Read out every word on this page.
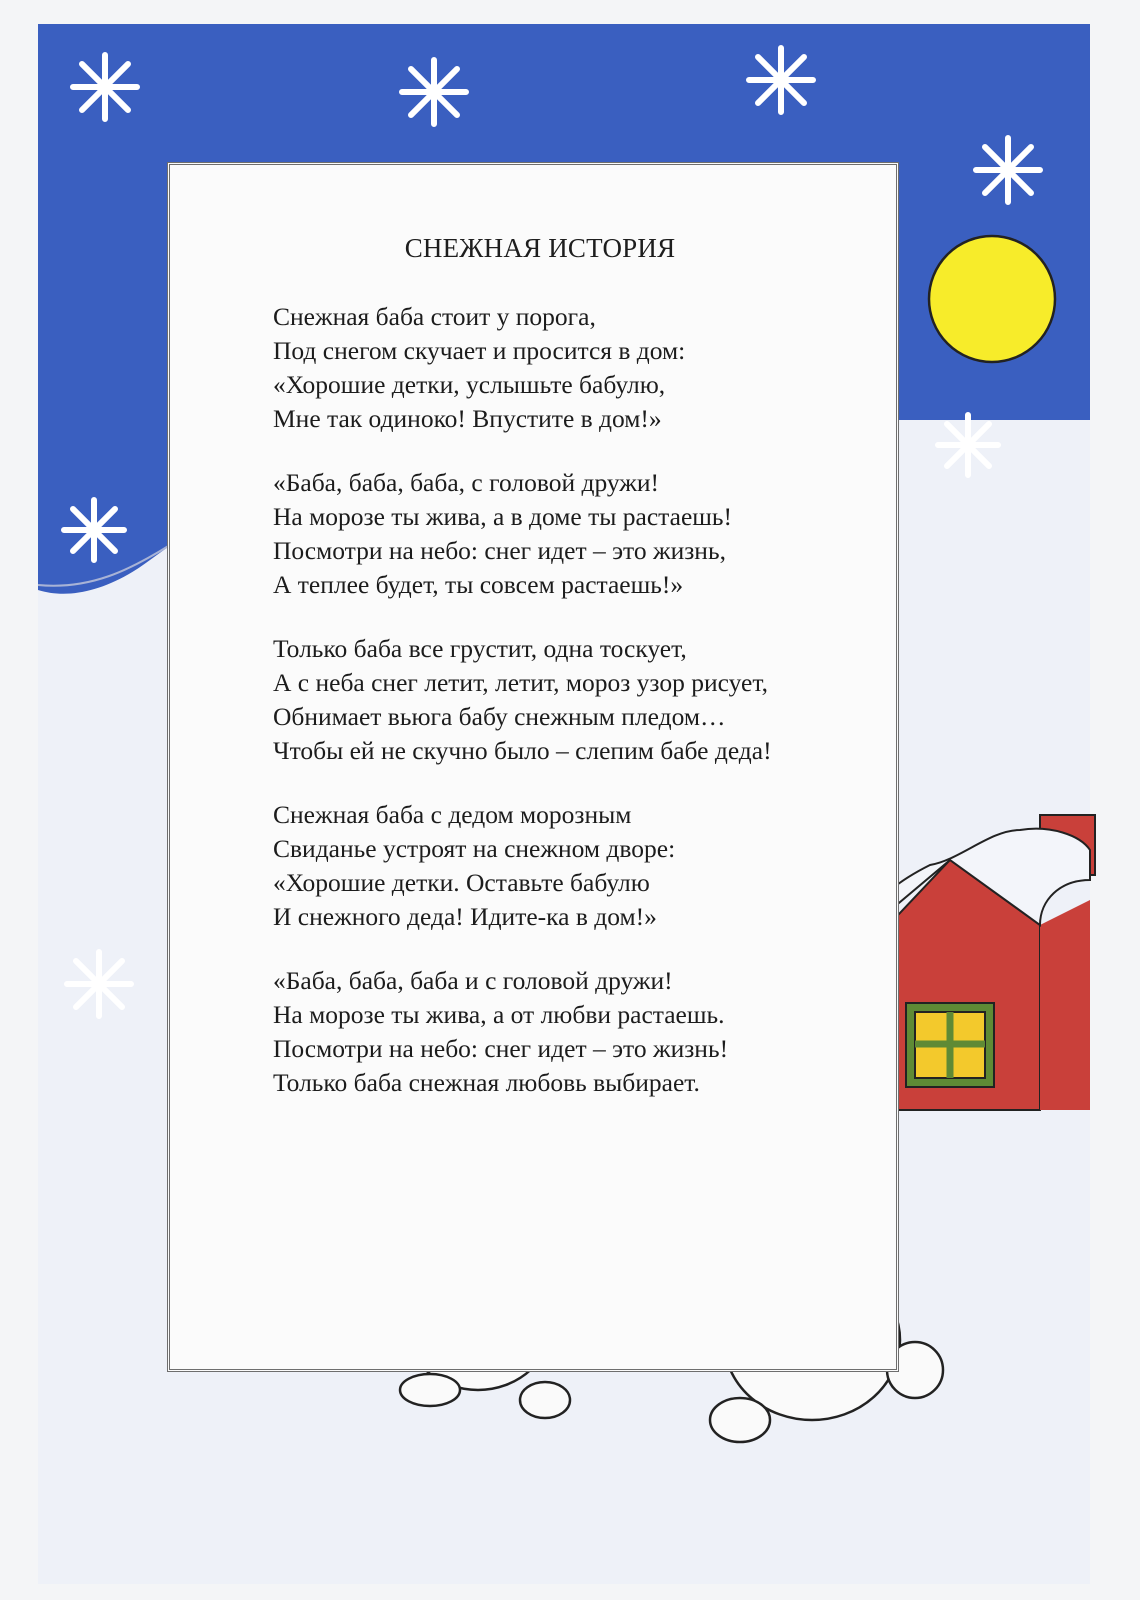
СНЕЖНАЯ ИСТОРИЯ
Снежная баба стоит у порога,
Под снегом скучает и просится в дом:
«Хорошие детки, услышьте бабулю,
Мне так одиноко! Впустите в дом!»
«Баба, баба, баба, с головой дружи!
На морозе ты жива, а в доме ты растаешь!
Посмотри на небо: снег идет – это жизнь,
А теплее будет, ты совсем растаешь!»
Только баба все грустит, одна тоскует,
А с неба снег летит, летит, мороз узор рисует,
Обнимает вьюга бабу снежным пледом…
Чтобы ей не скучно было – слепим бабе деда!
Снежная баба с дедом морозным
Свиданье устроят на снежном дворе:
«Хорошие детки. Оставьте бабулю
И снежного деда! Идите-ка в дом!»
«Баба, баба, баба и с головой дружи!
На морозе ты жива, а от любви растаешь.
Посмотри на небо: снег идет – это жизнь!
Только баба снежная любовь выбирает.
